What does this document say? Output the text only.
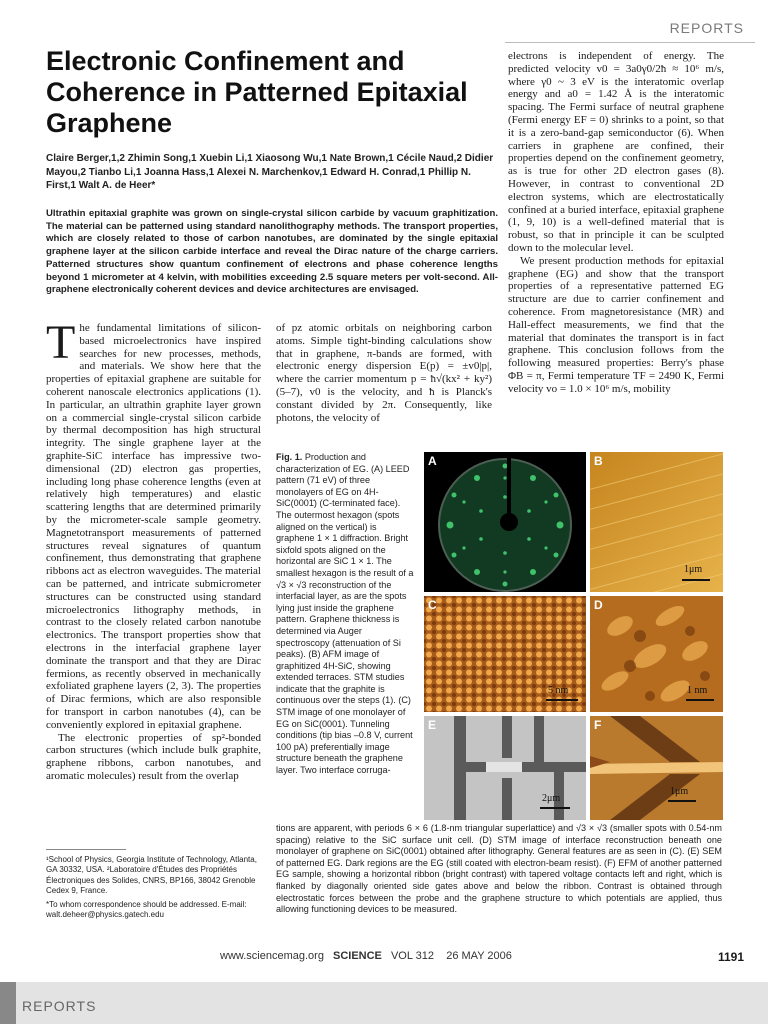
REPORTS
Electronic Confinement and Coherence in Patterned Epitaxial Graphene
Claire Berger,1,2 Zhimin Song,1 Xuebin Li,1 Xiaosong Wu,1 Nate Brown,1 Cécile Naud,2 Didier Mayou,2 Tianbo Li,1 Joanna Hass,1 Alexei N. Marchenkov,1 Edward H. Conrad,1 Phillip N. First,1 Walt A. de Heer*
Ultrathin epitaxial graphite was grown on single-crystal silicon carbide by vacuum graphitization. The material can be patterned using standard nanolithography methods. The transport properties, which are closely related to those of carbon nanotubes, are dominated by the single epitaxial graphene layer at the silicon carbide interface and reveal the Dirac nature of the charge carriers. Patterned structures show quantum confinement of electrons and phase coherence lengths beyond 1 micrometer at 4 kelvin, with mobilities exceeding 2.5 square meters per volt-second. All-graphene electronically coherent devices and device architectures are envisaged.

The fundamental limitations of silicon-based microelectronics have inspired searches for new processes, methods, and materials. We show here that the properties of epitaxial graphene are suitable for coherent nanoscale electronics applications (1). In particular, an ultrathin graphite layer grown on a commercial single-crystal silicon carbide by thermal decomposition has high structural integrity. The single graphene layer at the graphite-SiC interface has impressive two-dimensional (2D) electron gas properties, including long phase coherence lengths (even at relatively high temperatures) and elastic scattering lengths that are determined primarily by the micrometer-scale sample geometry. Magnetotransport measurements of patterned structures reveal signatures of quantum confinement, thus demonstrating that graphene ribbons act as electron waveguides. The material can be patterned, and intricate submicrometer structures can be constructed using standard microelectronics lithography methods, in contrast to the closely related carbon nanotube electronics. The transport properties show that electrons in the interfacial graphene layer dominate the transport and that they are Dirac fermions, as recently observed in mechanically exfoliated graphene layers (2, 3). The properties of Dirac fermions, which are also responsible for transport in carbon nanotubes (4), can be conveniently explored in epitaxial graphene.

The electronic properties of sp²-bonded carbon structures (which include bulk graphite, graphene ribbons, carbon nanotubes, and aromatic molecules) result from the overlap

of pz atomic orbitals on neighboring carbon atoms. Simple tight-binding calculations show that in graphene, π-bands are formed, with electronic energy dispersion E(p) = ±v0|p|, where the carrier momentum p = ħ√(kx² + ky²) (5–7), v0 is the velocity, and ħ is Planck's constant divided by 2π. Consequently, like photons, the velocity of

electrons is independent of energy. The predicted velocity v0 = 3a0γ0/2ħ ≈ 10⁶ m/s, where γ0 ~ 3 eV is the interatomic overlap energy and a0 = 1.42 Å is the interatomic spacing. The Fermi surface of neutral graphene (Fermi energy EF = 0) shrinks to a point, so that it is a zero-band-gap semiconductor (6). When carriers in graphene are confined, their properties depend on the confinement geometry, as is true for other 2D electron gases (8). However, in contrast to conventional 2D electron systems, which are electrostatically confined at a buried interface, epitaxial graphene (1, 9, 10) is a well-defined material that is robust, so that in principle it can be sculpted down to the molecular level.

We present production methods for epitaxial graphene (EG) and show that the transport properties of a representative patterned EG structure are due to carrier confinement and coherence. From magnetoresistance (MR) and Hall-effect measurements, we find that the material that dominates the transport is in fact graphene. This conclusion follows from the following measured properties: Berry's phase ΦB = π, Fermi temperature TF = 2490 K, Fermi velocity vo = 1.0 × 10⁶ m/s, mobility

Fig. 1. Production and characterization of EG. (A) LEED pattern (71 eV) of three monolayers of EG on 4H-SiC(0001̄) (C-terminated face). The outermost hexagon (spots aligned on the vertical) is graphene 1 × 1 diffraction. Bright sixfold spots aligned on the horizontal are SiC 1 × 1. The smallest hexagon is the result of a √3 × √3 reconstruction of the interfacial layer, as are the spots lying just inside the graphene pattern. Graphene thickness is determined via Auger spectroscopy (attenuation of Si peaks). (B) AFM image of graphitized 4H-SiC, showing extended terraces. STM studies indicate that the graphite is continuous over the steps (1). (C) STM image of one monolayer of EG on SiC(0001). Tunneling conditions (tip bias –0.8 V, current 100 pA) preferentially image structure beneath the graphene layer. Two interface corruga-
tions are apparent, with periods 6 × 6 (1.8-nm triangular superlattice) and √3 × √3 (smaller spots with 0.54-nm spacing) relative to the SiC surface unit cell. (D) STM image of interface reconstruction beneath one monolayer of graphene on SiC(0001) obtained after lithography. General features are as seen in (C). (E) SEM of patterned EG. Dark regions are the EG (still coated with electron-beam resist). (F) EFM of another patterned EG sample, showing a horizontal ribbon (bright contrast) with tapered voltage contacts left and right, which is flanked by diagonally oriented side gates above and below the ribbon. Contrast is obtained through electrostatic forces between the probe and the graphene structure to which potentials are applied, thus allowing functioning devices to be measured.
A	B
1μm
C
5 nm
D
1 nm
E
2μm
F
1μm

¹School of Physics, Georgia Institute of Technology, Atlanta, GA 30332, USA. ²Laboratoire d'Études des Propriétés Électroniques des Solides, CNRS, BP166, 38042 Grenoble Cedex 9, France.

*To whom correspondence should be addressed. E-mail: walt.deheer@physics.gatech.edu

www.sciencemag.org SCIENCE VOL 312 26 MAY 2006	1191
REPORTS
